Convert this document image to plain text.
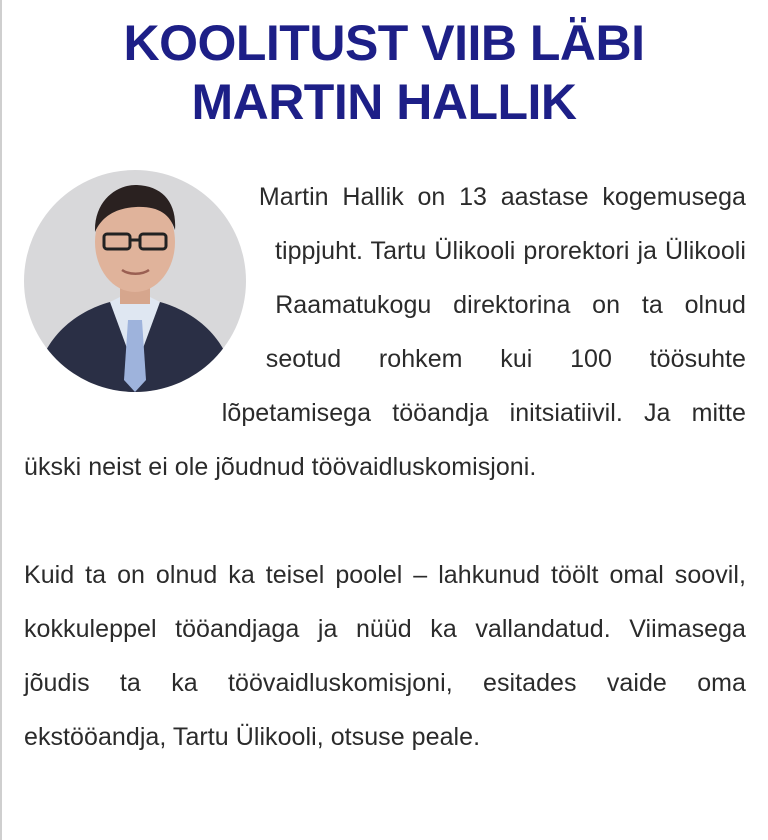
KOOLITUST VIIB LÄBI
MARTIN HALLIK

Martin Hallik on 13 aastase kogemusega tippjuht. Tartu Ülikooli prorektori ja Ülikooli Raamatukogu direktorina on ta olnud seotud rohkem kui 100 töösuhte lõpetamisega tööandja initsiatiivil. Ja mitte ükski neist ei ole jõudnud töövaidluskomisjoni.

Kuid ta on olnud ka teisel poolel – lahkunud töölt omal soovil, kokkuleppel tööandjaga ja nüüd ka vallandatud. Viimasega jõudis ta ka töövaidluskomisjoni, esitades vaide oma ekstööandja, Tartu Ülikooli, otsuse peale.
